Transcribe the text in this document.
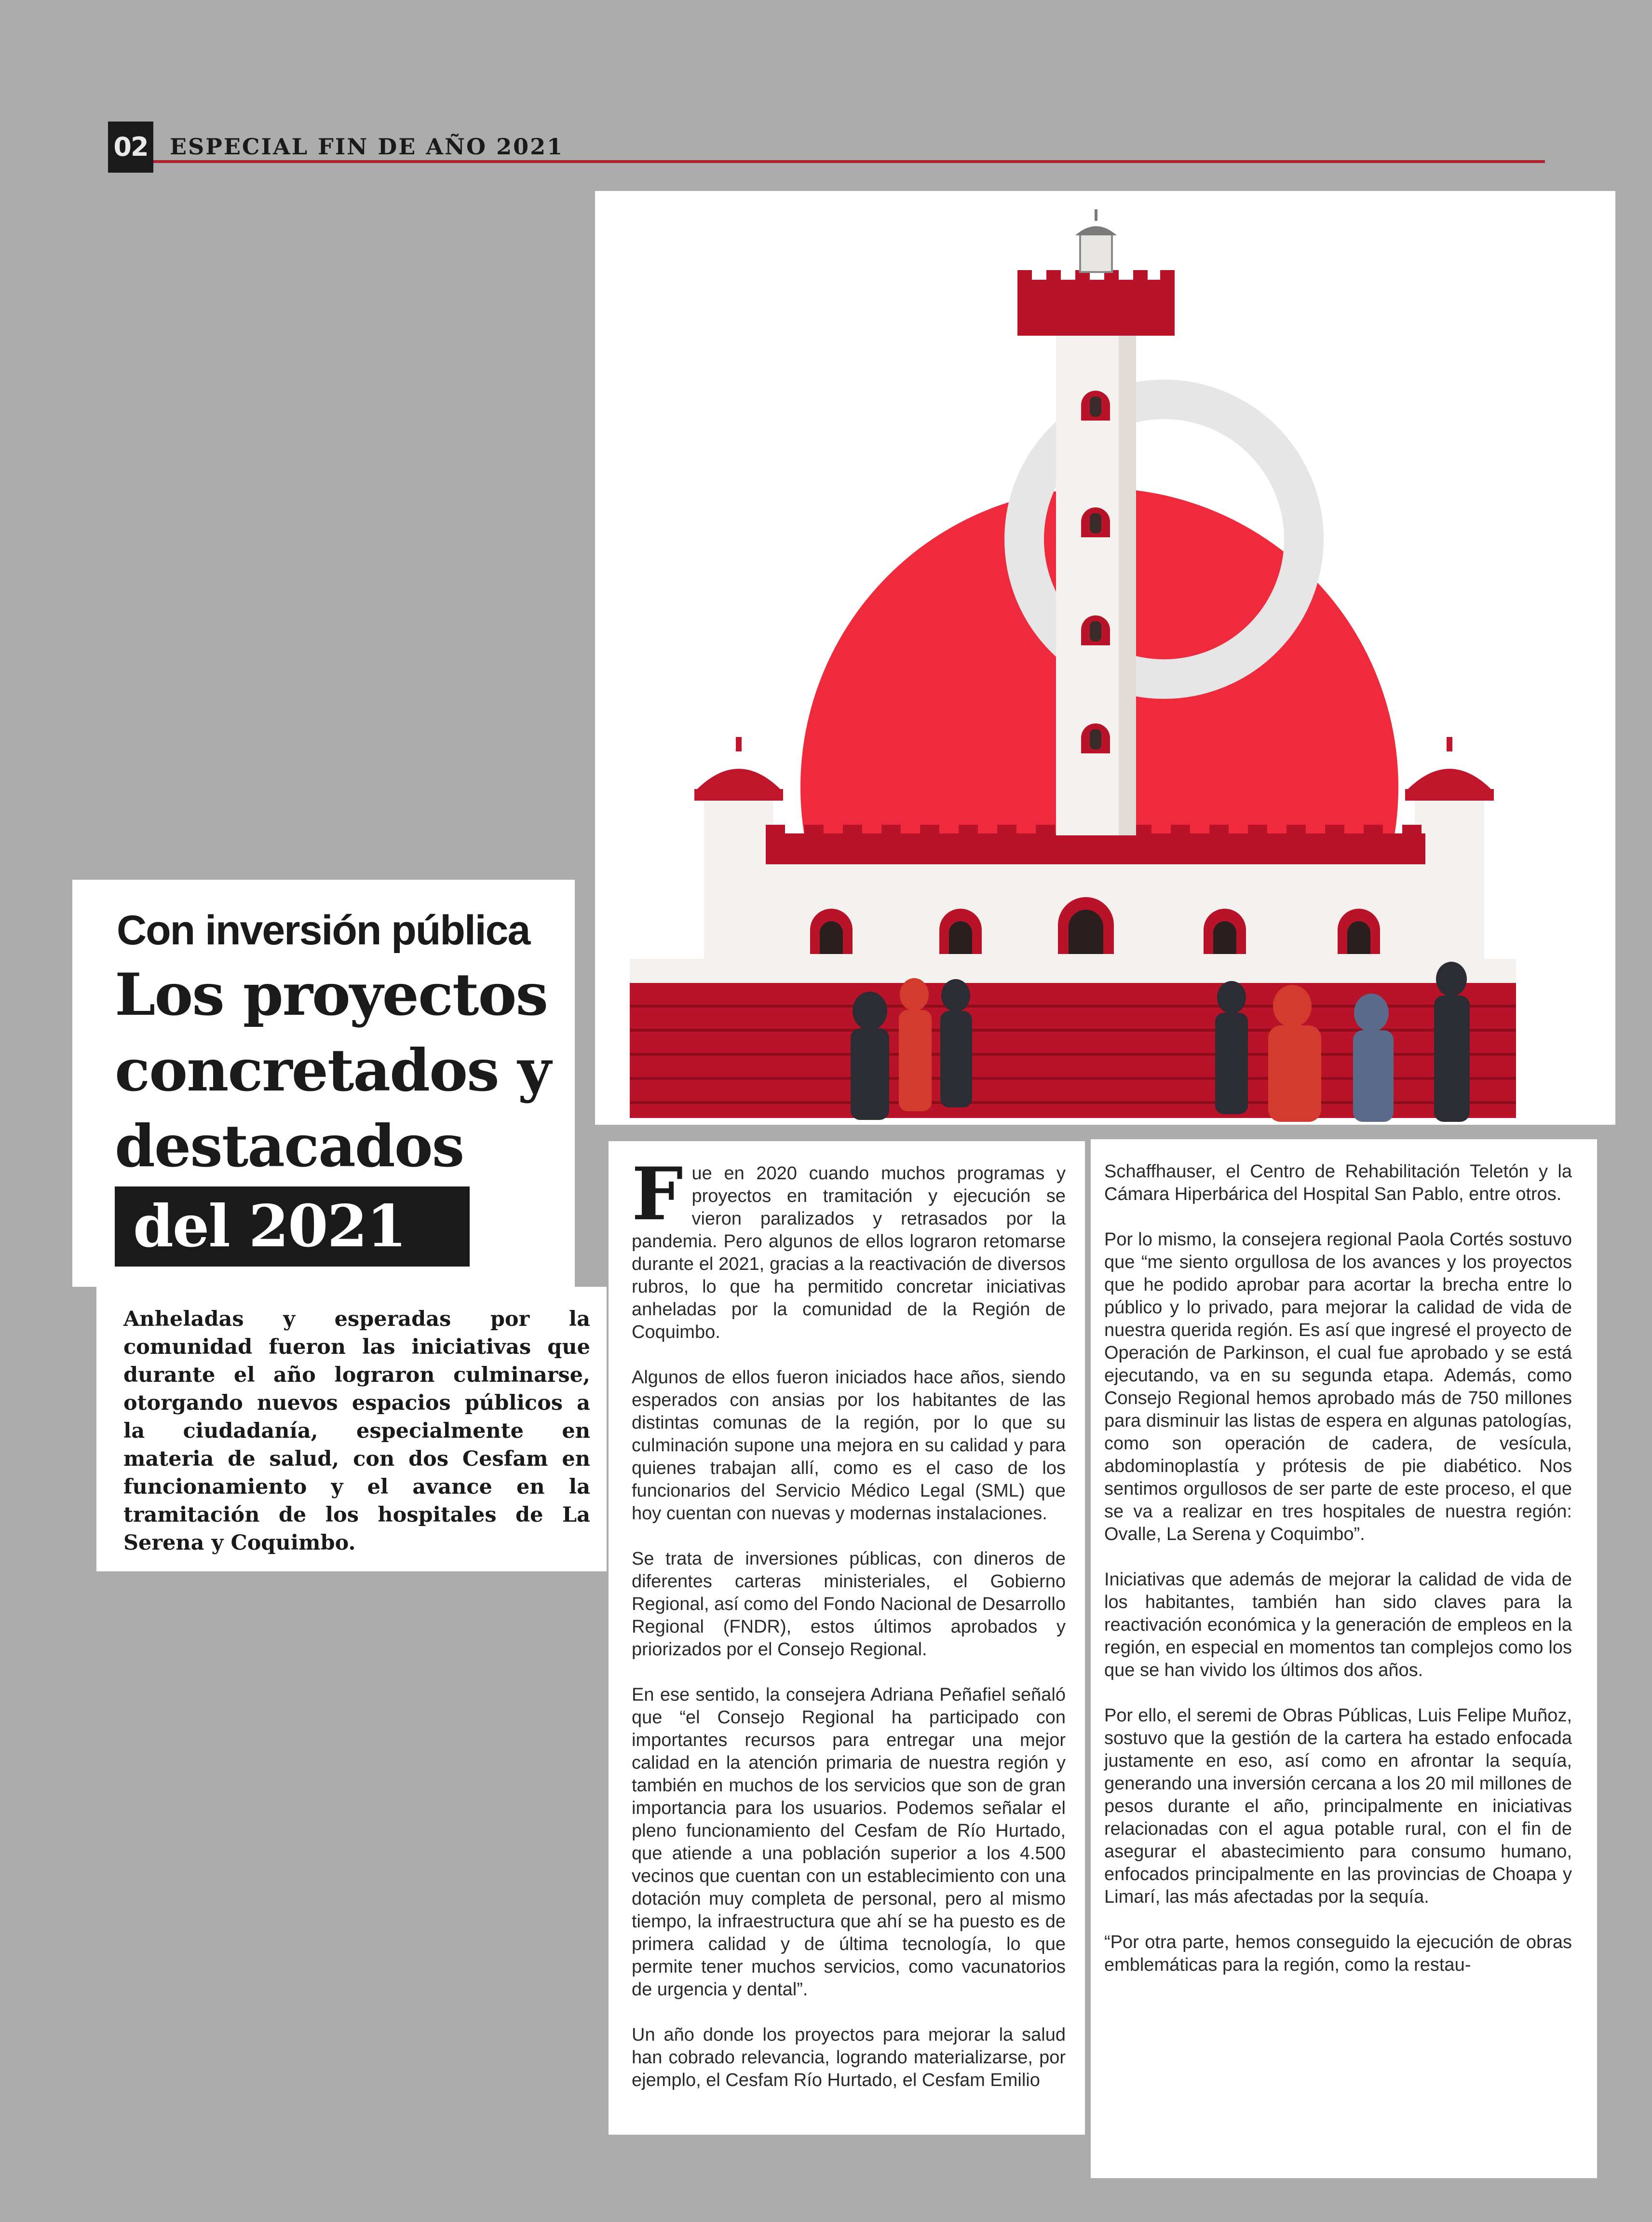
02 ESPECIAL FIN DE AÑO 2021
Con inversión pública
Los proyectos
concretados y
destacados
del 2021
Anheladas y esperadas por la comunidad fueron las iniciativas que durante el año lograron culminarse, otorgando nuevos espacios públicos a la ciudadanía, especialmente en materia de salud, con dos Cesfam en funcionamiento y el avance en la tramitación de los hospitales de La Serena y Coquimbo.

Fue en 2020 cuando muchos programas y proyectos en tramitación y ejecución se vieron paralizados y retrasados por la pandemia. Pero algunos de ellos lograron retomarse durante el 2021, gracias a la reactivación de diversos rubros, lo que ha permitido concretar iniciativas anheladas por la comunidad de la Región de Coquimbo.

Algunos de ellos fueron iniciados hace años, siendo esperados con ansias por los habitantes de las distintas comunas de la región, por lo que su culminación supone una mejora en su calidad y para quienes trabajan allí, como es el caso de los funcionarios del Servicio Médico Legal (SML) que hoy cuentan con nuevas y modernas instalaciones.

Se trata de inversiones públicas, con dineros de diferentes carteras ministeriales, el Gobierno Regional, así como del Fondo Nacional de Desarrollo Regional (FNDR), estos últimos aprobados y priorizados por el Consejo Regional.

En ese sentido, la consejera Adriana Peñafiel señaló que “el Consejo Regional ha participado con importantes recursos para entregar una mejor calidad en la atención primaria de nuestra región y también en muchos de los servicios que son de gran importancia para los usuarios. Podemos señalar el pleno funcionamiento del Cesfam de Río Hurtado, que atiende a una población superior a los 4.500 vecinos que cuentan con un establecimiento con una dotación muy completa de personal, pero al mismo tiempo, la infraestructura que ahí se ha puesto es de primera calidad y de última tecnología, lo que permite tener muchos servicios, como vacunatorios de urgencia y dental”.

Un año donde los proyectos para mejorar la salud han cobrado relevancia, logrando materializarse, por ejemplo, el Cesfam Río Hurtado, el Cesfam Emilio

Schaffhauser, el Centro de Rehabilitación Teletón y la Cámara Hiperbárica del Hospital San Pablo, entre otros.

Por lo mismo, la consejera regional Paola Cortés sostuvo que “me siento orgullosa de los avances y los proyectos que he podido aprobar para acortar la brecha entre lo público y lo privado, para mejorar la calidad de vida de nuestra querida región. Es así que ingresé el proyecto de Operación de Parkinson, el cual fue aprobado y se está ejecutando, va en su segunda etapa. Además, como Consejo Regional hemos aprobado más de 750 millones para disminuir las listas de espera en algunas patologías, como son operación de cadera, de vesícula, abdominoplastía y prótesis de pie diabético. Nos sentimos orgullosos de ser parte de este proceso, el que se va a realizar en tres hospitales de nuestra región: Ovalle, La Serena y Coquimbo”.

Iniciativas que además de mejorar la calidad de vida de los habitantes, también han sido claves para la reactivación económica y la generación de empleos en la región, en especial en momentos tan complejos como los que se han vivido los últimos dos años.

Por ello, el seremi de Obras Públicas, Luis Felipe Muñoz, sostuvo que la gestión de la cartera ha estado enfocada justamente en eso, así como en afrontar la sequía, generando una inversión cercana a los 20 mil millones de pesos durante el año, principalmente en iniciativas relacionadas con el agua potable rural, con el fin de asegurar el abastecimiento para consumo humano, enfocados principalmente en las provincias de Choapa y Limarí, las más afectadas por la sequía.

“Por otra parte, hemos conseguido la ejecución de obras emblemáticas para la región, como la restau-
